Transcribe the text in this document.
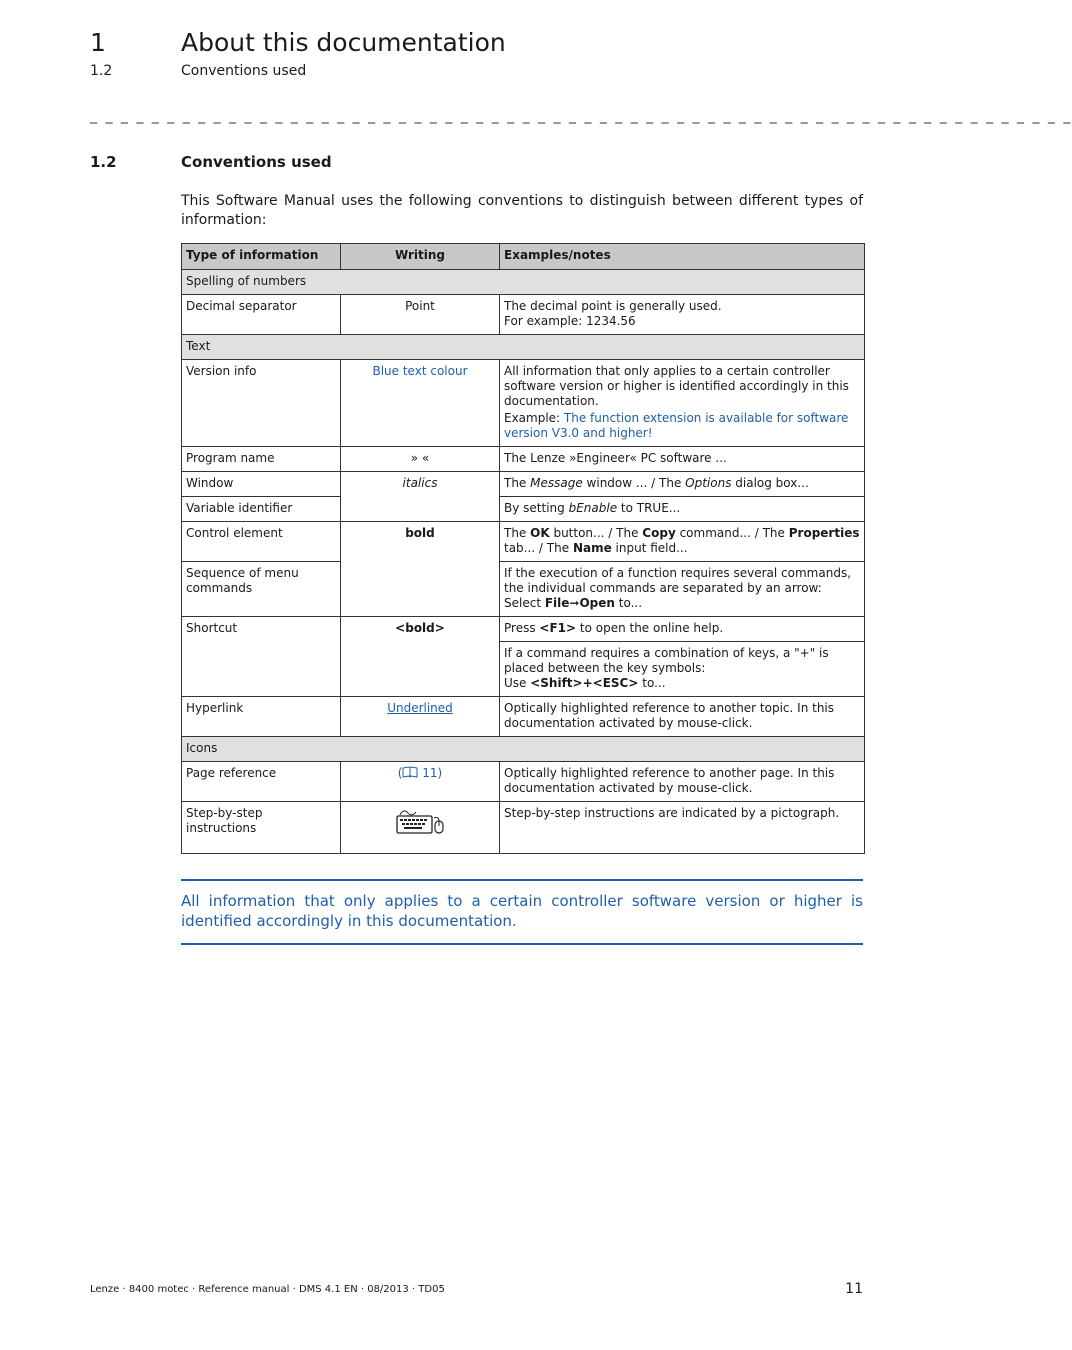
1	About this documentation
1.2	Conventions used
_ _ _ _ _ _ _ _ _ _ _ _ _ _ _ _ _ _ _ _ _ _ _ _ _ _ _ _ _ _ _ _ _ _ _ _ _ _ _ _ _ _ _ _ _ _ _ _ _ _ _ _ _ _ _ _ _ _ _ _ _ _ _ _
1.2	Conventions used
This Software Manual uses the following conventions to distinguish between different types of information:
Type of information	Writing	Examples/notes
Spelling of numbers		
Decimal separator	Point	The decimal point is generally used.
For example: 1234.56

Text		
Version info	Blue text colour	All information that only applies to a certain controller software version or higher is identified accordingly in this documentation.
Example: The function extension is available for software version V3.0 and higher!

Program name	» «	The Lenze »Engineer« PC software ...
Window	italics	The Message window ... / The Options dialog box...
Variable identifier		By setting bEnable to TRUE...
Control element	bold	The OK button... / The Copy command... / The Properties tab... / The Name input field...
Sequence of menu commands		If the execution of a function requires several commands, the individual commands are separated by an arrow: Select File➞Open to...
Shortcut	<bold>	Press <F1> to open the online help.

		If a command requires a combination of keys, a "+" is placed between the key symbols:
Use <Shift>+<ESC> to...

Hyperlink	Underlined	Optically highlighted reference to another topic. In this documentation activated by mouse-click.
Icons		
Page reference	( 11)	Optically highlighted reference to another page. In this documentation activated by mouse-click.
Step-by-step instructions		Step-by-step instructions are indicated by a pictograph.
All information that only applies to a certain controller software version or higher is identified accordingly in this documentation.
Lenze · 8400 motec · Reference manual · DMS 4.1 EN · 08/2013 · TD05	11
